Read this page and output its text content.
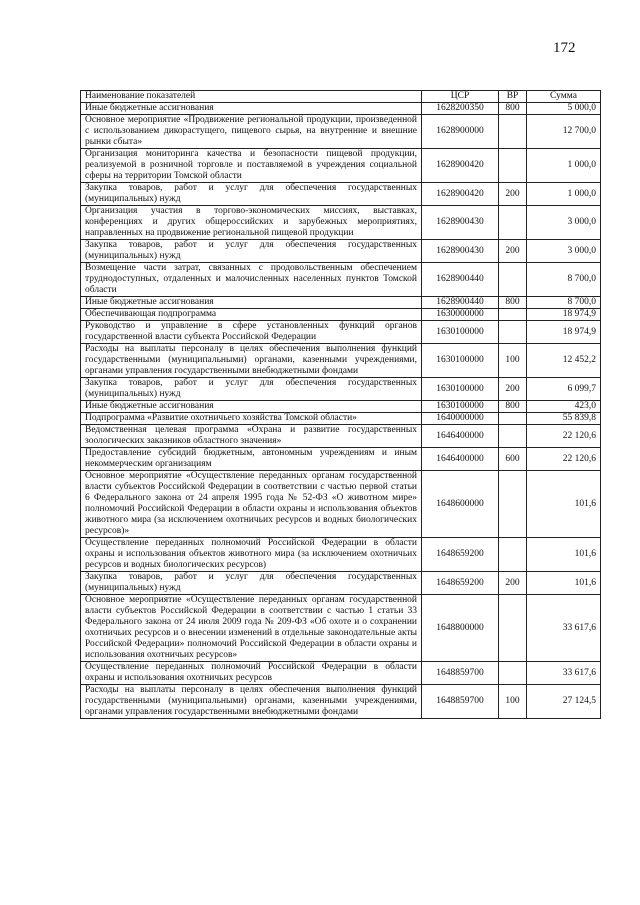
172
Наименование показателей	ЦСР	ВР	Сумма
Иные бюджетные ассигнования	1628200350	800	5 000,0
Основное мероприятие «Продвижение региональной продукции, произведенной с использованием дикорастущего, пищевого сырья, на внутренние и внешние рынки сбыта»	1628900000		12 700,0
Организация мониторинга качества и безопасности пищевой продукции, реализуемой в розничной торговле и поставляемой в учреждения социальной сферы на территории Томской области	1628900420		1 000,0
Закупка товаров, работ и услуг для обеспечения государственных (муниципальных) нужд	1628900420	200	1 000,0
Организация участия в торгово-экономических миссиях, выставках, конференциях и других общероссийских и зарубежных мероприятиях, направленных на продвижение региональной пищевой продукции	1628900430		3 000,0
Закупка товаров, работ и услуг для обеспечения государственных (муниципальных) нужд	1628900430	200	3 000,0
Возмещение части затрат, связанных с продовольственным обеспечением труднодоступных, отдаленных и малочисленных населенных пунктов Томской области	1628900440		8 700,0
Иные бюджетные ассигнования	1628900440	800	8 700,0
Обеспечивающая подпрограмма	1630000000		18 974,9
Руководство и управление в сфере установленных функций органов государственной власти субъекта Российской Федерации	1630100000		18 974,9
Расходы на выплаты персоналу в целях обеспечения выполнения функций государственными (муниципальными) органами, казенными учреждениями, органами управления государственными внебюджетными фондами	1630100000	100	12 452,2
Закупка товаров, работ и услуг для обеспечения государственных (муниципальных) нужд	1630100000	200	6 099,7
Иные бюджетные ассигнования	1630100000	800	423,0
Подпрограмма «Развитие охотничьего хозяйства Томской области»	1640000000		55 839,8
Ведомственная целевая программа «Охрана и развитие государственных зоологических заказников областного значения»	1646400000		22 120,6
Предоставление субсидий бюджетным, автономным учреждениям и иным некоммерческим организациям	1646400000	600	22 120,6
Основное мероприятие «Осуществление переданных органам государственной власти субъектов Российской Федерации в соответствии с частью первой статьи 6 Федерального закона от 24 апреля 1995 года № 52-ФЗ «О животном мире» полномочий Российской Федерации в области охраны и использования объектов животного мира (за исключением охотничьих ресурсов и водных биологических ресурсов)»	1648600000		101,6
Осуществление переданных полномочий Российской Федерации в области охраны и использования объектов животного мира (за исключением охотничьих ресурсов и водных биологических ресурсов)	1648659200		101,6
Закупка товаров, работ и услуг для обеспечения государственных (муниципальных) нужд	1648659200	200	101,6
Основное мероприятие «Осуществление переданных органам государственной власти субъектов Российской Федерации в соответствии с частью 1 статьи 33 Федерального закона от 24 июля 2009 года № 209-ФЗ «Об охоте и о сохранении охотничьих ресурсов и о внесении изменений в отдельные законодательные акты Российской Федерации» полномочий Российской Федерации в области охраны и использования охотничьих ресурсов»	1648800000		33 617,6
Осуществление переданных полномочий Российской Федерации в области охраны и использования охотничьих ресурсов	1648859700		33 617,6
Расходы на выплаты персоналу в целях обеспечения выполнения функций государственными (муниципальными) органами, казенными учреждениями, органами управления государственными внебюджетными фондами	1648859700	100	27 124,5
